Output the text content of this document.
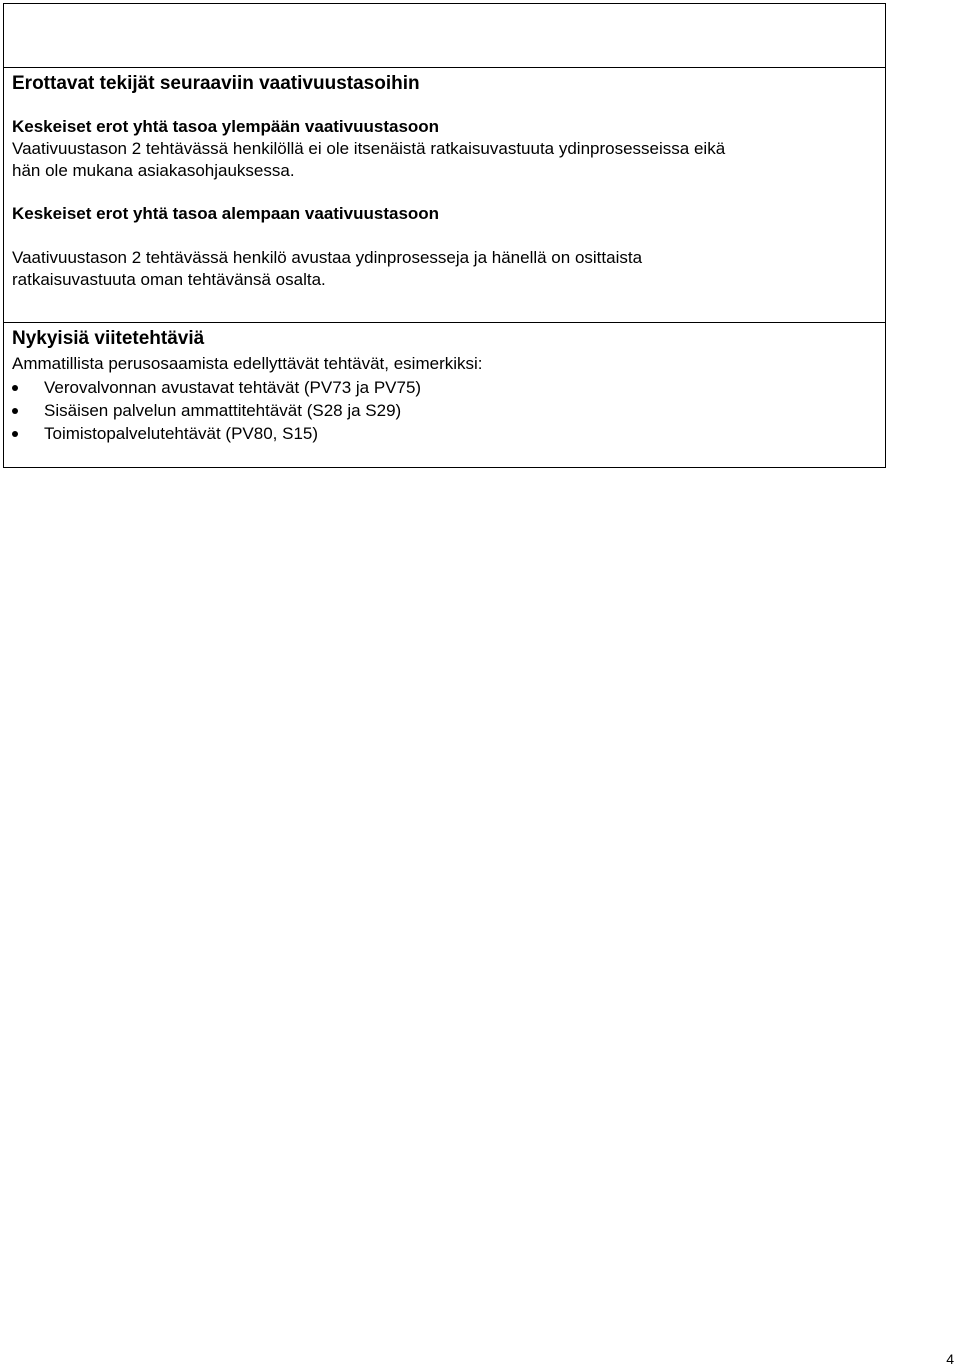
Erottavat tekijät seuraaviin vaativuustasoihin

Keskeiset erot yhtä tasoa ylempään vaativuustasoon

Vaativuustason 2 tehtävässä henkilöllä ei ole itsenäistä ratkaisuvastuuta ydinprosesseissa eikä

hän ole mukana asiakasohjauksessa.

Keskeiset erot yhtä tasoa alempaan vaativuustasoon

Vaativuustason 2 tehtävässä henkilö avustaa ydinprosesseja ja hänellä on osittaista

ratkaisuvastuuta oman tehtävänsä osalta.

Nykyisiä viitetehtäviä

Ammatillista perusosaamista edellyttävät tehtävät, esimerkiksi:

Verovalvonnan avustavat tehtävät (PV73 ja PV75)
Sisäisen palvelun ammattitehtävät (S28 ja S29)
Toimistopalvelutehtävät (PV80, S15)
4
